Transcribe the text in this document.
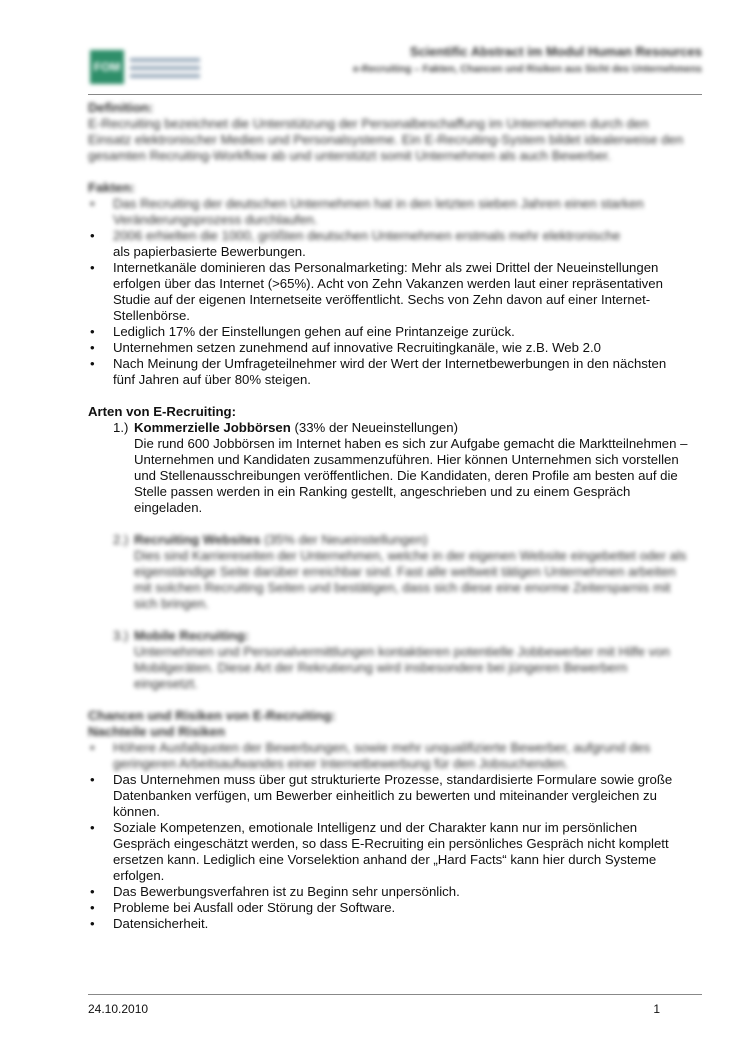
FOM
Scientific Abstract im Modul Human Resources
e-Recruiting – Fakten, Chancen und Risiken aus Sicht des Unternehmens

Definition:

E-Recruiting bezeichnet die Unterstützung der Personalbeschaffung im Unternehmen durch den Einsatz elektronischer Medien und Personalsysteme. Ein E-Recruiting-System bildet idealerweise den gesamten Recruiting-Workflow ab und unterstützt somit Unternehmen als auch Bewerber.

Fakten:

• Das Recruiting der deutschen Unternehmen hat in den letzten sieben Jahren einen starken Veränderungsprozess durchlaufen.
• 2006 erhielten die 1000, größten deutschen Unternehmen erstmals mehr elektronische
als papierbasierte Bewerbungen.
• Internetkanäle dominieren das Personalmarketing: Mehr als zwei Drittel der Neueinstellungen erfolgen über das Internet (>65%). Acht von Zehn Vakanzen werden laut einer repräsentativen Studie auf der eigenen Internetseite veröffentlicht. Sechs von Zehn davon auf einer Internet-Stellenbörse.
• Lediglich 17% der Einstellungen gehen auf eine Printanzeige zurück.
• Unternehmen setzen zunehmend auf innovative Recruitingkanäle, wie z.B. Web 2.0
• Nach Meinung der Umfrageteilnehmer wird der Wert der Internetbewerbungen in den nächsten fünf Jahren auf über 80% steigen.

Arten von E-Recruiting:

1.) Kommerzielle Jobbörsen (33% der Neueinstellungen)
Die rund 600 Jobbörsen im Internet haben es sich zur Aufgabe gemacht die Marktteilnehmen – Unternehmen und Kandidaten zusammenzuführen. Hier können Unternehmen sich vorstellen und Stellenausschreibungen veröffentlichen. Die Kandidaten, deren Profile am besten auf die Stelle passen werden in ein Ranking gestellt, angeschrieben und zu einem Gespräch eingeladen.
2.) Recruiting Websites (35% der Neueinstellungen)
Dies sind Karriereseiten der Unternehmen, welche in der eigenen Website eingebettet oder als eigenständige Seite darüber erreichbar sind. Fast alle weltweit tätigen Unternehmen arbeiten mit solchen Recruiting Seiten und bestätigen, dass sich diese eine enorme Zeitersparnis mit sich bringen.
3.) Mobile Recruiting:
Unternehmen und Personalvermittlungen kontaktieren potentielle Jobbewerber mit Hilfe von Mobilgeräten. Diese Art der Rekrutierung wird insbesondere bei jüngeren Bewerbern eingesetzt.

Chancen und Risiken von E-Recruiting:

Nachteile und Risiken

• Höhere Ausfallquoten der Bewerbungen, sowie mehr unqualifizierte Bewerber, aufgrund des geringeren Arbeitsaufwandes einer Internetbewerbung für den Jobsuchenden.
• Das Unternehmen muss über gut strukturierte Prozesse, standardisierte Formulare sowie große Datenbanken verfügen, um Bewerber einheitlich zu bewerten und miteinander vergleichen zu können.
• Soziale Kompetenzen, emotionale Intelligenz und der Charakter kann nur im persönlichen Gespräch eingeschätzt werden, so dass E-Recruiting ein persönliches Gespräch nicht komplett ersetzen kann. Lediglich eine Vorselektion anhand der „Hard Facts“ kann hier durch Systeme erfolgen.
• Das Bewerbungsverfahren ist zu Beginn sehr unpersönlich.
• Probleme bei Ausfall oder Störung der Software.
• Datensicherheit.
24.10.2010	1
